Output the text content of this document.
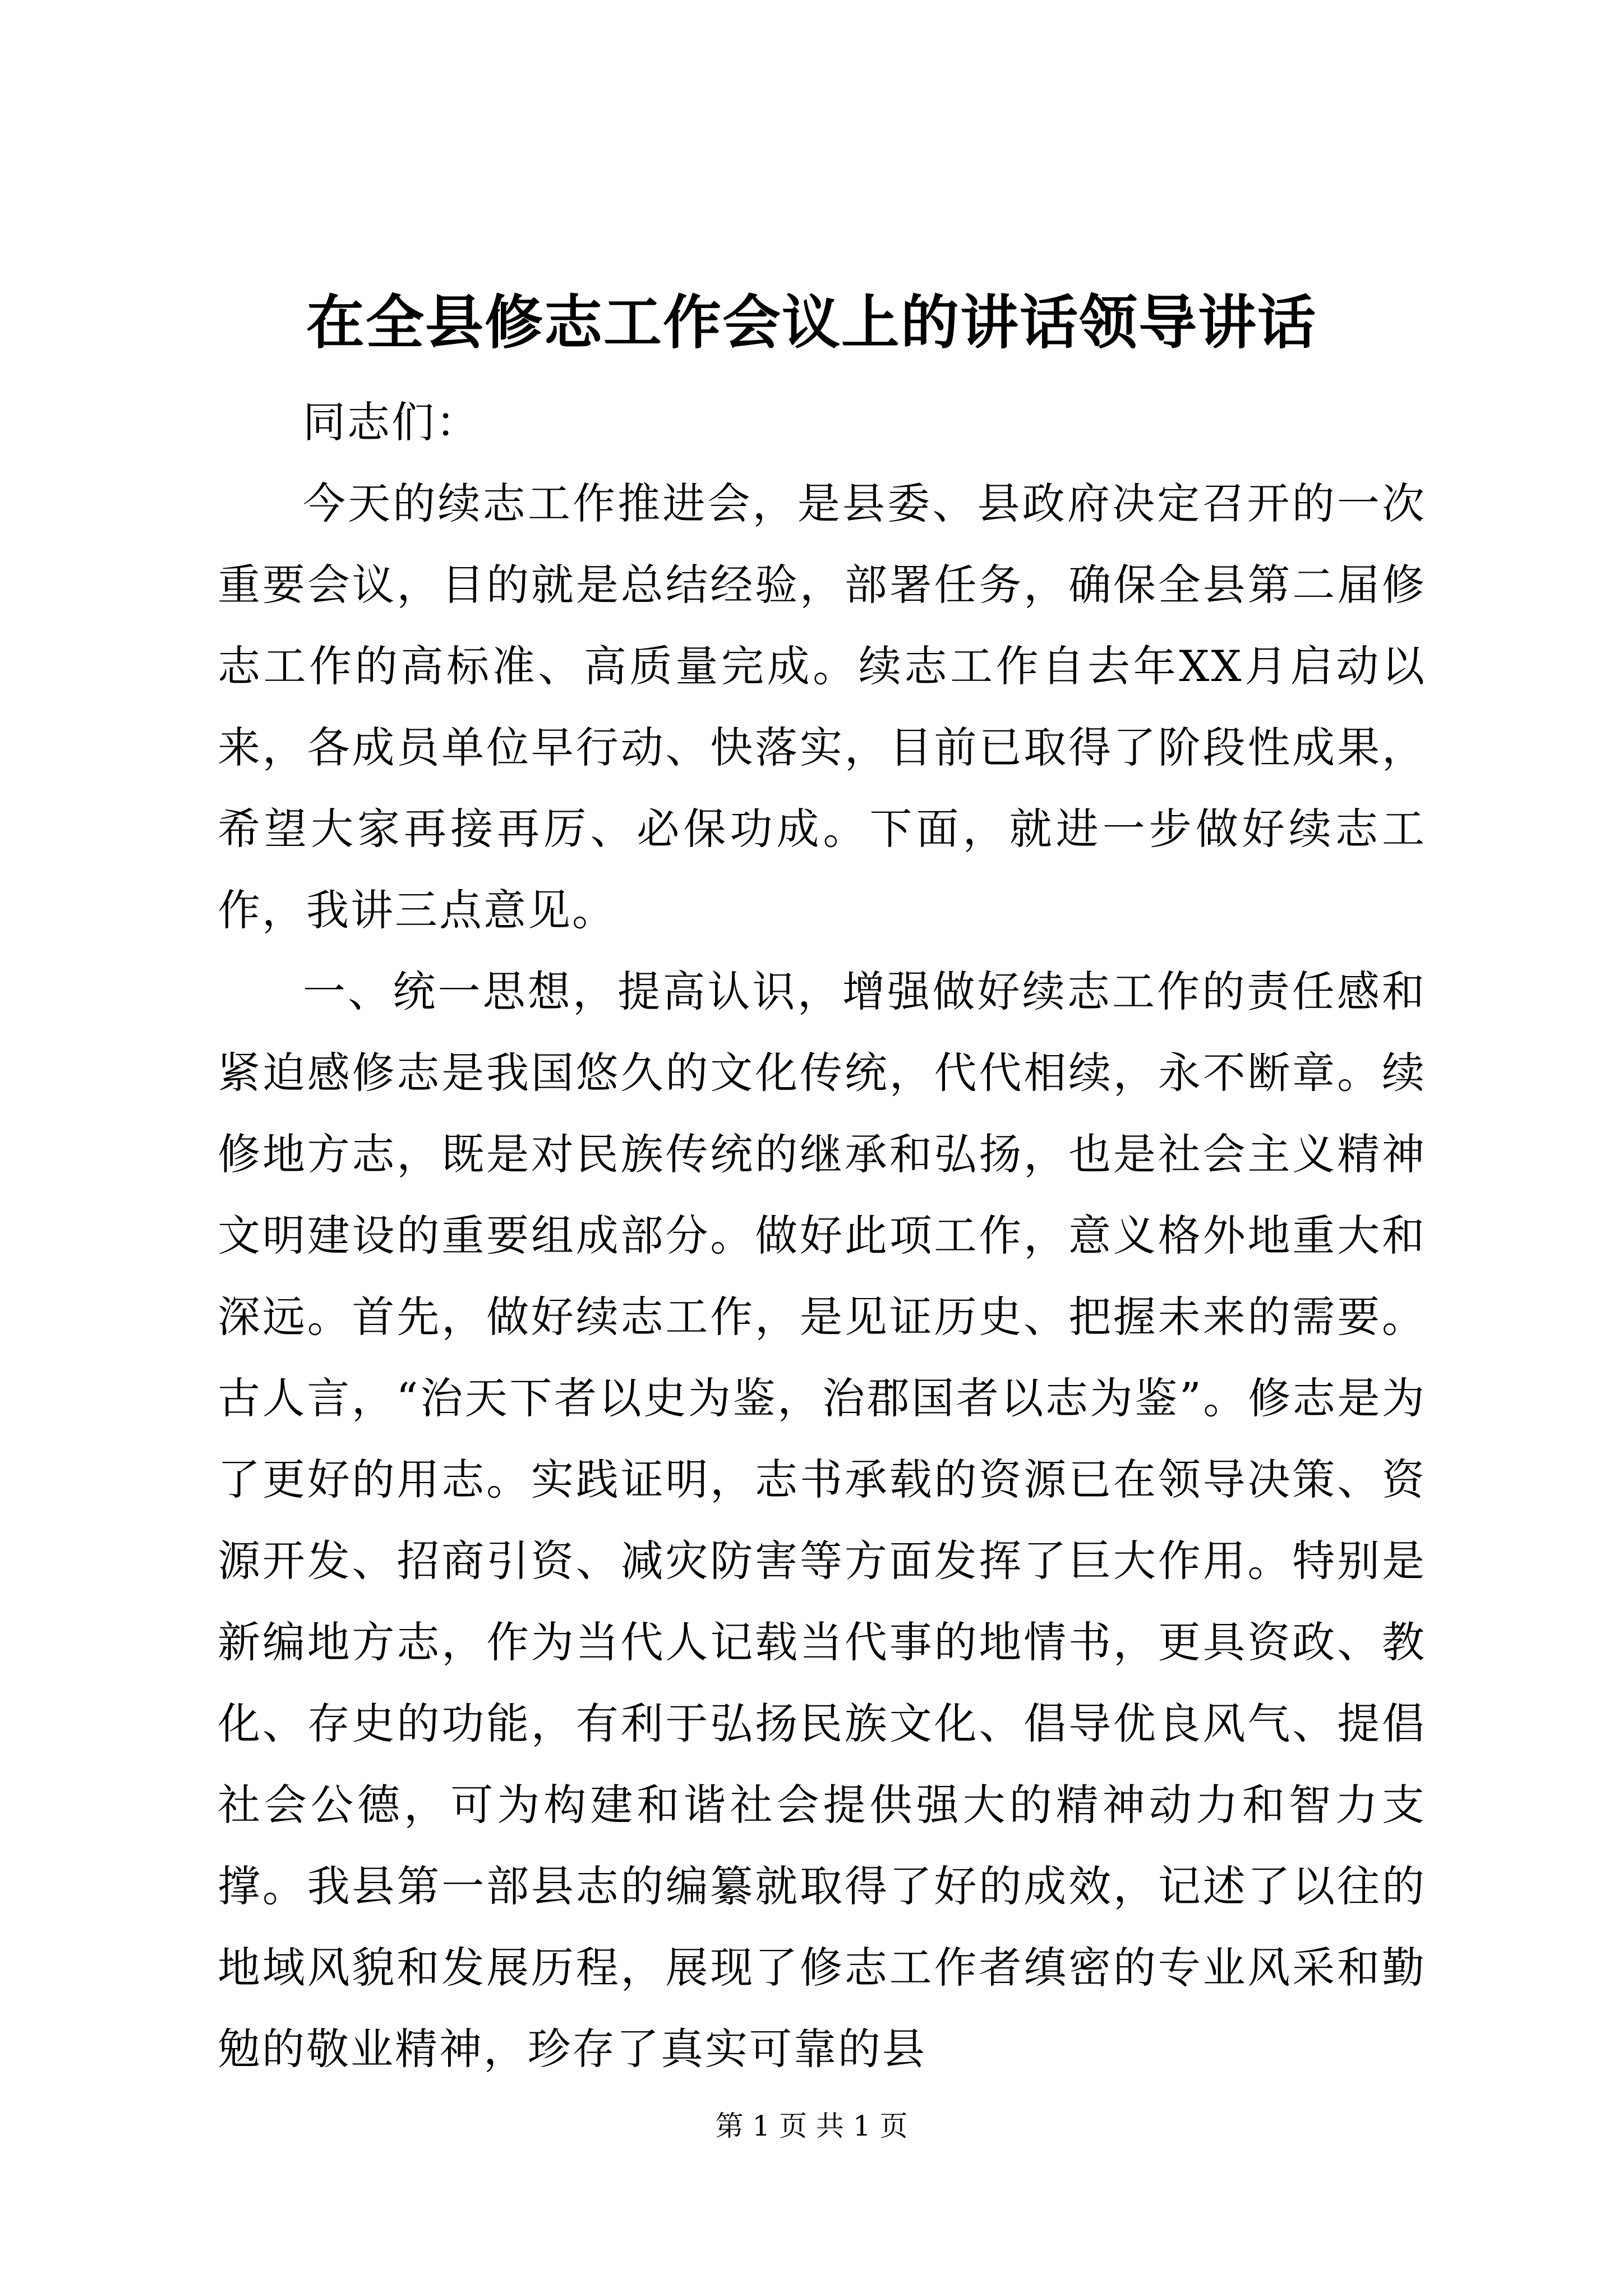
在全县修志工作会议上的讲话领导讲话

同志们：

今天的续志工作推进会，是县委、县政府决定召开的一次重要会议，目的就是总结经验，部署任务，确保全县第二届修志工作的高标准、高质量完成。续志工作自去年XX月启动以来，各成员单位早行动、快落实，目前已取得了阶段性成果，希望大家再接再厉、必保功成。下面，就进一步做好续志工作，我讲三点意见。

一、统一思想，提高认识，增强做好续志工作的责任感和紧迫感修志是我国悠久的文化传统，代代相续，永不断章。续修地方志，既是对民族传统的继承和弘扬，也是社会主义精神文明建设的重要组成部分。做好此项工作，意义格外地重大和深远。首先，做好续志工作，是见证历史、把握未来的需要。古人言，“治天下者以史为鉴，治郡国者以志为鉴”。修志是为了更好的用志。实践证明，志书承载的资源已在领导决策、资源开发、招商引资、减灾防害等方面发挥了巨大作用。特别是新编地方志，作为当代人记载当代事的地情书，更具资政、教化、存史的功能，有利于弘扬民族文化、倡导优良风气、提倡社会公德，可为构建和谐社会提供强大的精神动力和智力支撑。我县第一部县志的编纂就取得了好的成效，记述了以往的地域风貌和发展历程，展现了修志工作者缜密的专业风采和勤勉的敬业精神，珍存了真实可靠的县

第 1 页 共 1 页
